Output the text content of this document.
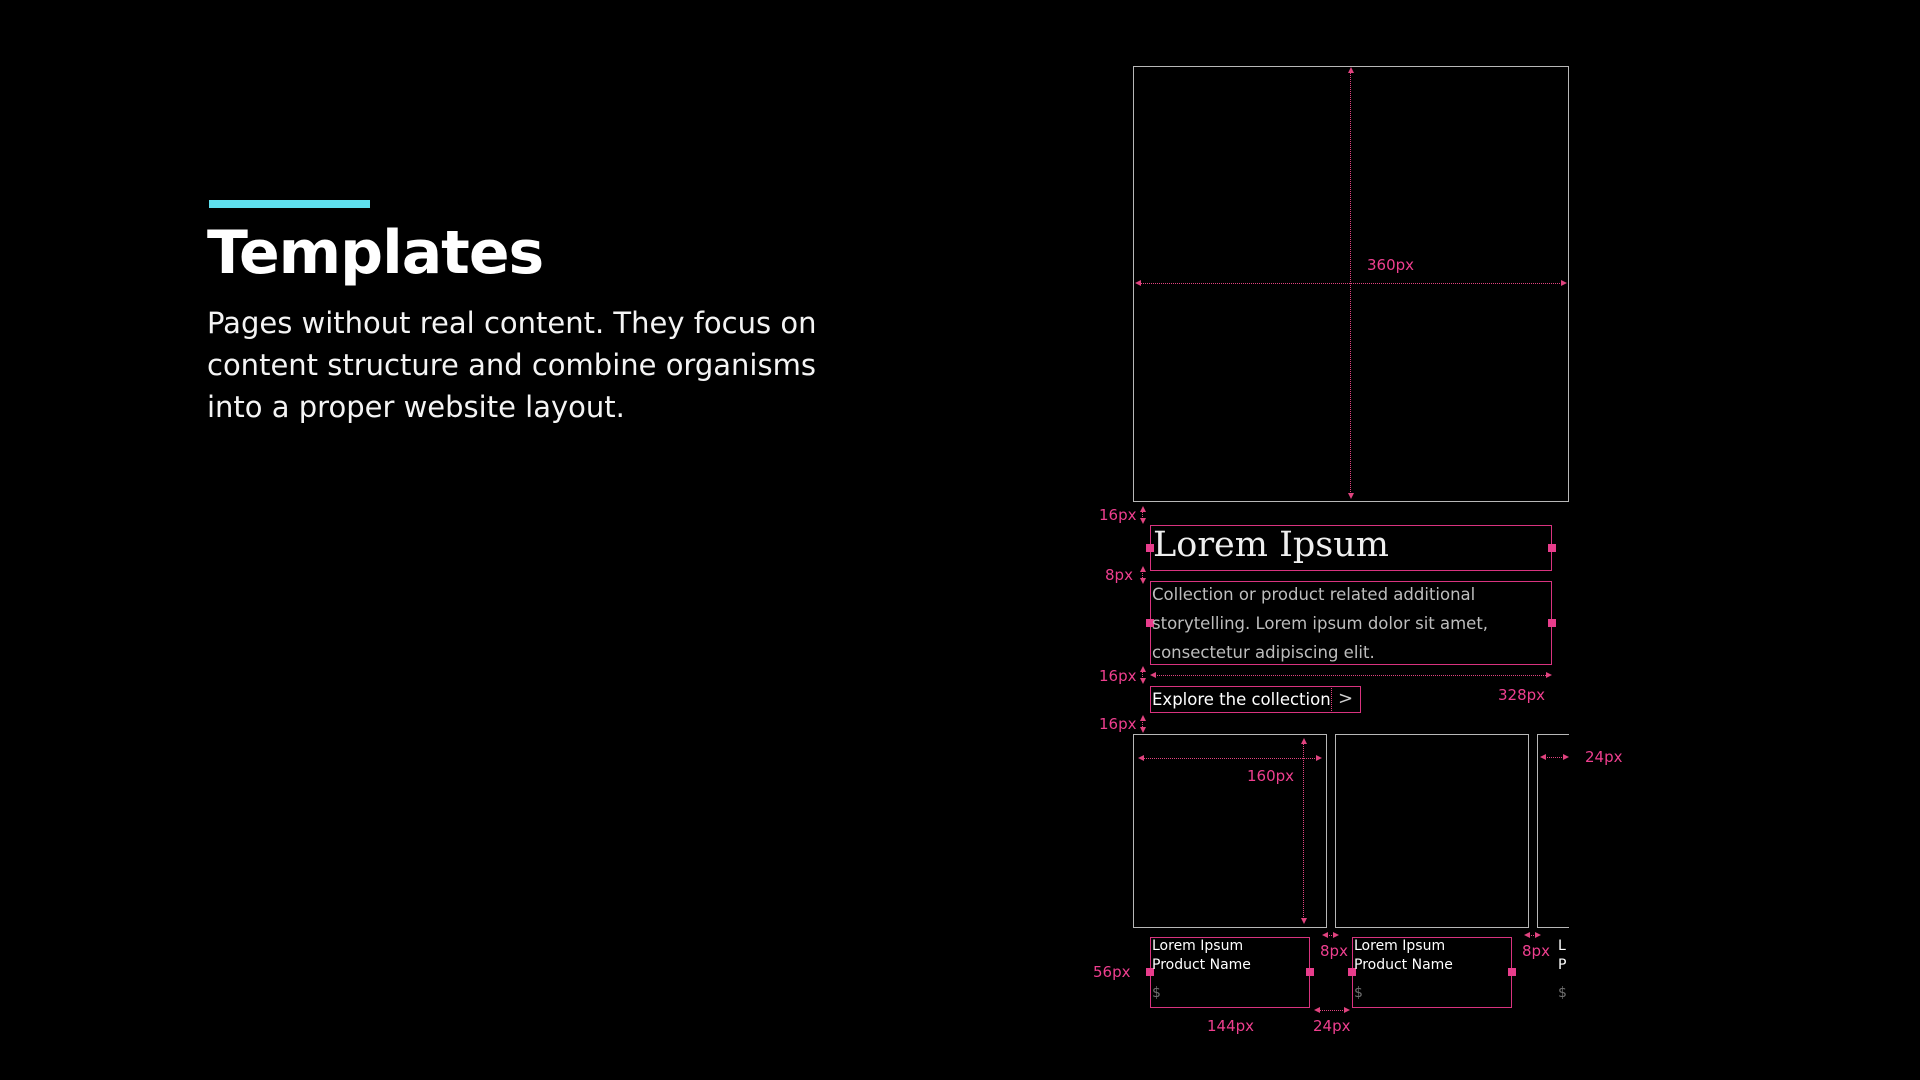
Templates

Pages without real content. They focus on content structure and combine organisms into a proper website layout.

360px
16px
Lorem Ipsum
8px

Collection or product related additional storytelling. Lorem ipsum dolor sit amet, consectetur adipiscing elit.

16px
328px
Explore the collection >
16px
160px
24px
Lorem Ipsum
Product Name
$
Lorem Ipsum
Product Name
$
L
P
$
56px
8px	8px
144px	24px
